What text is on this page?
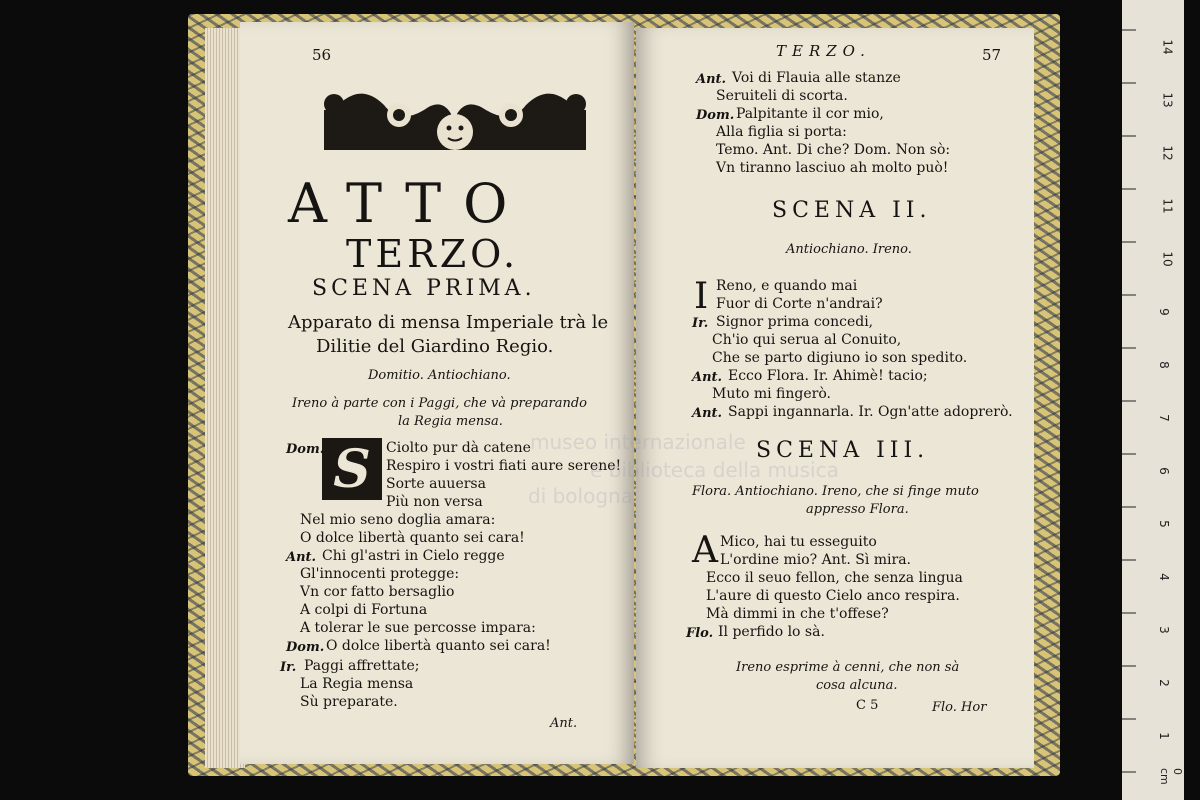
56
ATTO
TERZO.
SCENA PRIMA.
Apparato di mensa Imperiale trà le
Dilitie del Giardino Regio.
Domitio. Antiochiano.
Ireno à parte con i Paggi, che và preparando
la Regia mensa.
S
Dom.	Ciolto pur dà catene
Respiro i vostri fiati aure serene!
Sorte auuersa
Più non versa
Nel mio seno doglia amara:
O dolce libertà quanto sei cara!
Ant. Chi gl'astri in Cielo regge
Gl'innocenti protegge:
Vn cor fatto bersaglio
A colpi di Fortuna
A tolerar le sue percosse impara:
Dom. O dolce libertà quanto sei cara!
Ir. Paggi affrettate;
La Regia mensa
Sù preparate.
Ant.
TERZO.	57
Ant. Voi di Flauia alle stanze
Seruiteli di scorta.
Dom. Palpitante il cor mio,
Alla figlia si porta:
Temo. Ant. Di che? Dom. Non sò:
Vn tiranno lasciuo ah molto può!
SCENA II.
Antiochiano. Ireno.
I Reno, e quando mai
Fuor di Corte n'andrai?
Ir. Signor prima concedi,
Ch'io qui serua al Conuito,
Che se parto digiuno io son spedito.
Ant. Ecco Flora. Ir. Ahimè! tacio;
Muto mi fingerò.
Ant. Sappi ingannarla. Ir. Ogn'atte adoprerò.
SCENA III.
Flora. Antiochiano. Ireno, che si finge muto
appresso Flora.
A Mico, hai tu esseguito
L'ordine mio? Ant. Sì mira.
Ecco il seuo fellon, che senza lingua
L'aure di questo Cielo anco respira.
Mà dimmi in che t'offese?
Flo. Il perfido lo sà.
Ireno esprime à cenni, che non sà
cosa alcuna.
C 5	Flo. Hor
museo internazionale
e biblioteca della musica
di bologna
14
13
12
11
10
9
8
7
6
5
4
3
2
1
0 cm
